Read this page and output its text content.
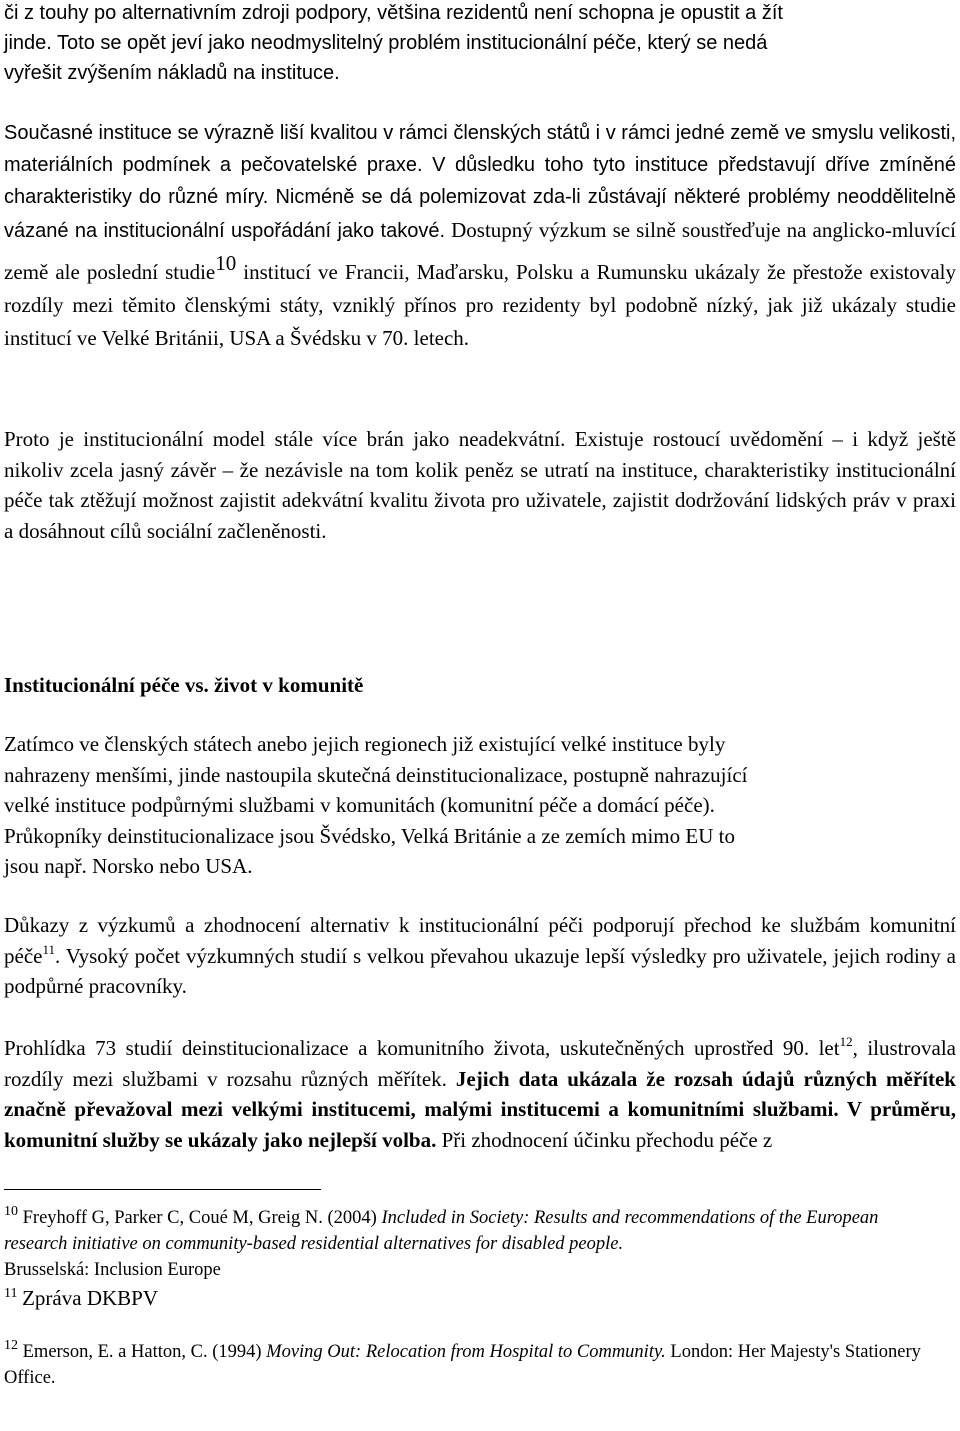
či z touhy po alternativním zdroji podpory, většina rezidentů není schopna je opustit a žít
jinde. Toto se opět jeví jako neodmyslitelný problém institucionální péče, který se nedá
vyřešit zvýšením nákladů na instituce.

Současné instituce se výrazně liší kvalitou v rámci členských států i v rámci jedné země ve smyslu velikosti, materiálních podmínek a pečovatelské praxe. V důsledku toho tyto instituce představují dříve zmíněné charakteristiky do různé míry. Nicméně se dá polemizovat zda-li zůstávají některé problémy neoddělitelně vázané na institucionální uspořádání jako takové. Dostupný výzkum se silně soustřeďuje na anglicko-mluvící země ale poslední studie$^{10}$ institucí ve Francii, Maďarsku, Polsku a Rumunsku ukázaly že přestože existovaly rozdíly mezi těmito členskými státy, vzniklý přínos pro rezidenty byl podobně nízký, jak již ukázaly studie institucí ve Velké Británii, USA a Švédsku v 70. letech.

Proto je institucionální model stále více brán jako neadekvátní. Existuje rostoucí uvědomění – i když ještě nikoliv zcela jasný závěr – že nezávisle na tom kolik peněz se utratí na instituce, charakteristiky institucionální péče tak ztěžují možnost zajistit adekvátní kvalitu života pro uživatele, zajistit dodržování lidských práv v praxi a dosáhnout cílů sociální začleněnosti.

Institucionální péče vs. život v komunitě
Zatímco ve členských státech anebo jejich regionech již existující velké instituce byly
nahrazeny menšími, jinde nastoupila skutečná deinstitucionalizace, postupně nahrazující
velké instituce podpůrnými službami v komunitách (komunitní péče a domácí péče).
Průkopníky deinstitucionalizace jsou Švédsko, Velká Británie a ze zemích mimo EU to
jsou např. Norsko nebo USA.

Důkazy z výzkumů a zhodnocení alternativ k institucionální péči podporují přechod ke službám komunitní péče$^{11}$. Vysoký počet výzkumných studií s velkou převahou ukazuje lepší výsledky pro uživatele, jejich rodiny a podpůrné pracovníky.

Prohlídka 73 studií deinstitucionalizace a komunitního života, uskutečněných uprostřed 90. let$^{12}$, ilustrovala rozdíly mezi službami v rozsahu různých měřítek. Jejich data ukázala že rozsah údajů různých měřítek značně převažoval mezi velkými institucemi, malými institucemi a komunitními službami. V průměru, komunitní služby se ukázaly jako nejlepší volba. Při zhodnocení účinku přechodu péče z

$^{10}$ Freyhoff G, Parker C, Coué M, Greig N. (2004) Included in Society: Results and recommendations of the European research initiative on community-based residential alternatives for disabled people.
Brusselská: Inclusion Europe
$^{11}$ Zpráva DKBPV
$^{12}$ Emerson, E. a Hatton, C. (1994) Moving Out: Relocation from Hospital to Community. London: Her Majesty's Stationery Office.
